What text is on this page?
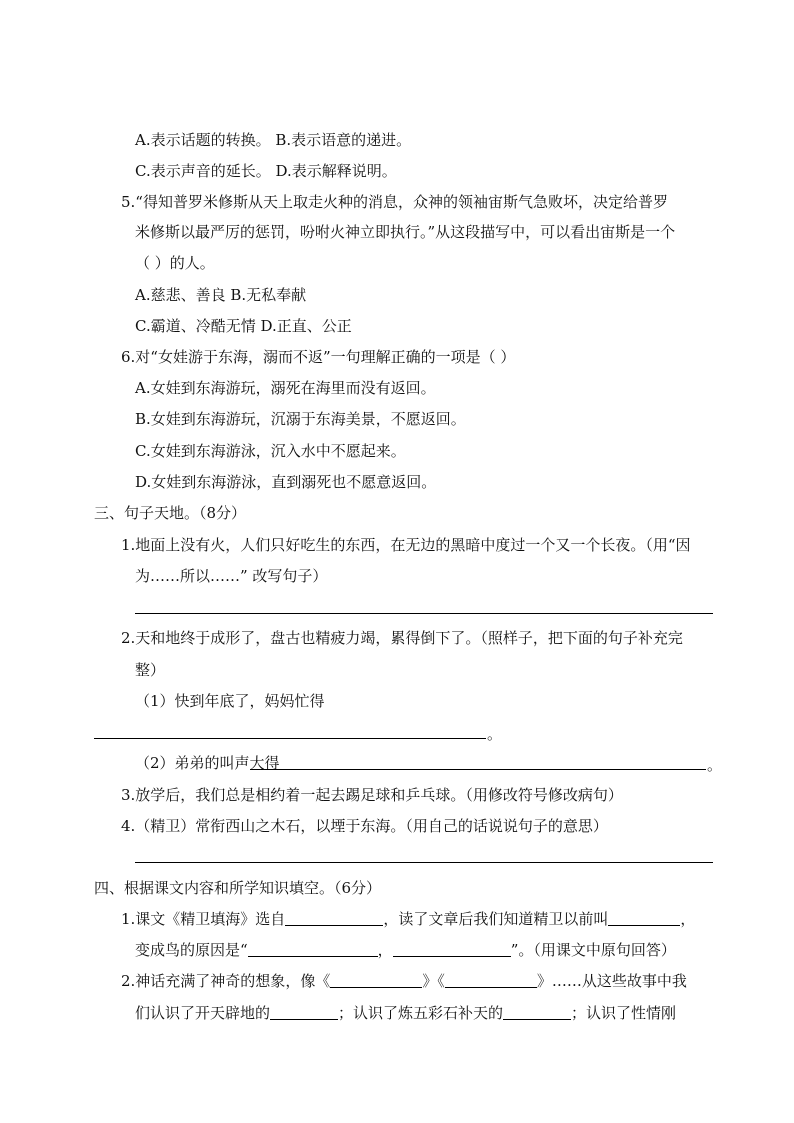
A.表示话题的转换。 B.表示语意的递进。
C.表示声音的延长。 D.表示解释说明。
5.“得知普罗米修斯从天上取走火种的消息，众神的领袖宙斯气急败坏，决定给普罗
米修斯以最严厉的惩罚，吩咐火神立即执行。”从这段描写中，可以看出宙斯是一个
（ ）的人。
A.慈悲、善良 B.无私奉献
C.霸道、冷酷无情 D.正直、公正
6.对“女娃游于东海，溺而不返”一句理解正确的一项是（ ）
A.女娃到东海游玩，溺死在海里而没有返回。
B.女娃到东海游玩，沉溺于东海美景，不愿返回。
C.女娃到东海游泳，沉入水中不愿起来。
D.女娃到东海游泳，直到溺死也不愿意返回。
三、句子天地。（8分）
1.地面上没有火，人们只好吃生的东西，在无边的黑暗中度过一个又一个长夜。（用“因
为……所以……” 改写句子）
2.天和地终于成形了，盘古也精疲力竭，累得倒下了。（照样子，把下面的句子补充完
整）
（1）快到年底了，妈妈忙得
。
（2）弟弟的叫声大得	。
3.放学后，我们总是相约着一起去踢足球和乒乓球。（用修改符号修改病句）
4.（精卫）常衔西山之木石，以堙于东海。（用自己的话说说句子的意思）
四、根据课文内容和所学知识填空。（6分）
1.课文《精卫填海》选自	，读了文章后我们知道精卫以前叫	，
变成鸟的原因是“	，	”。（用课文中原句回答）
2.神话充满了神奇的想象，像《	》《	》……从这些故事中我
们认识了开天辟地的	；认识了炼五彩石补天的	；认识了性情刚
